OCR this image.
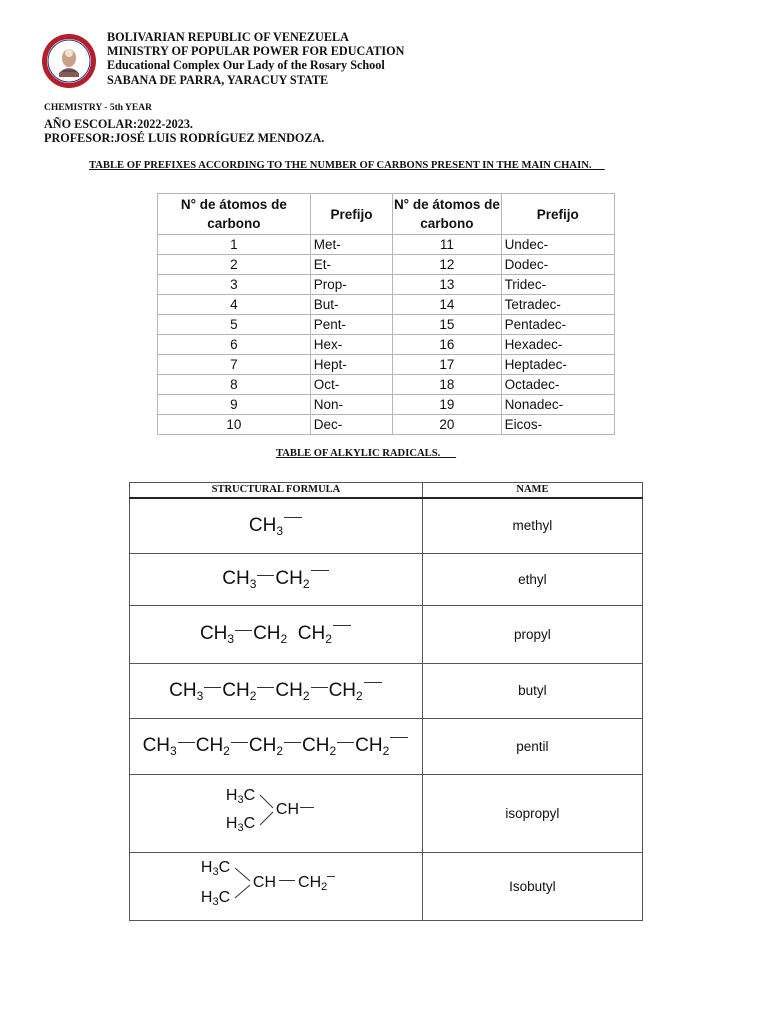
BOLIVARIAN REPUBLIC OF VENEZUELA
MINISTRY OF POPULAR POWER FOR EDUCATION
Educational Complex Our Lady of the Rosary School
SABANA DE PARRA, YARACUY STATE
CHEMISTRY - 5th YEAR
AÑO ESCOLAR:2022-2023.
PROFESOR:JOSÉ LUIS RODRÍGUEZ MENDOZA.
TABLE OF PREFIXES ACCORDING TO THE NUMBER OF CARBONS PRESENT IN THE MAIN CHAIN.
N° de átomos de carbono	Prefijo	N° de átomos de carbono	Prefijo
1	Met-	11	Undec-
2	Et-	12	Dodec-
3	Prop-	13	Tridec-
4	But-	14	Tetradec-
5	Pent-	15	Pentadec-
6	Hex-	16	Hexadec-
7	Hept-	17	Heptadec-
8	Oct-	18	Octadec-
9	Non-	19	Nonadec-
10	Dec-	20	Eicos-
TABLE OF ALKYLIC RADICALS.
STRUCTURAL FORMULA	NAME
$CH_3$	methyl
$CH_3$ $CH_2$	ethyl
$CH_3$ $CH_2$ $CH_2$	propyl
$CH_3$ $CH_2$ $CH_2$ $CH_2$	butyl
$CH_3$ $CH_2$ $CH_2$ $CH_2$ $CH_2$	pentil

$H_3C$
$H_3C$
CH	isopropyl

$H_3C$
$H_3C$
CH $CH_2$	Isobutyl
